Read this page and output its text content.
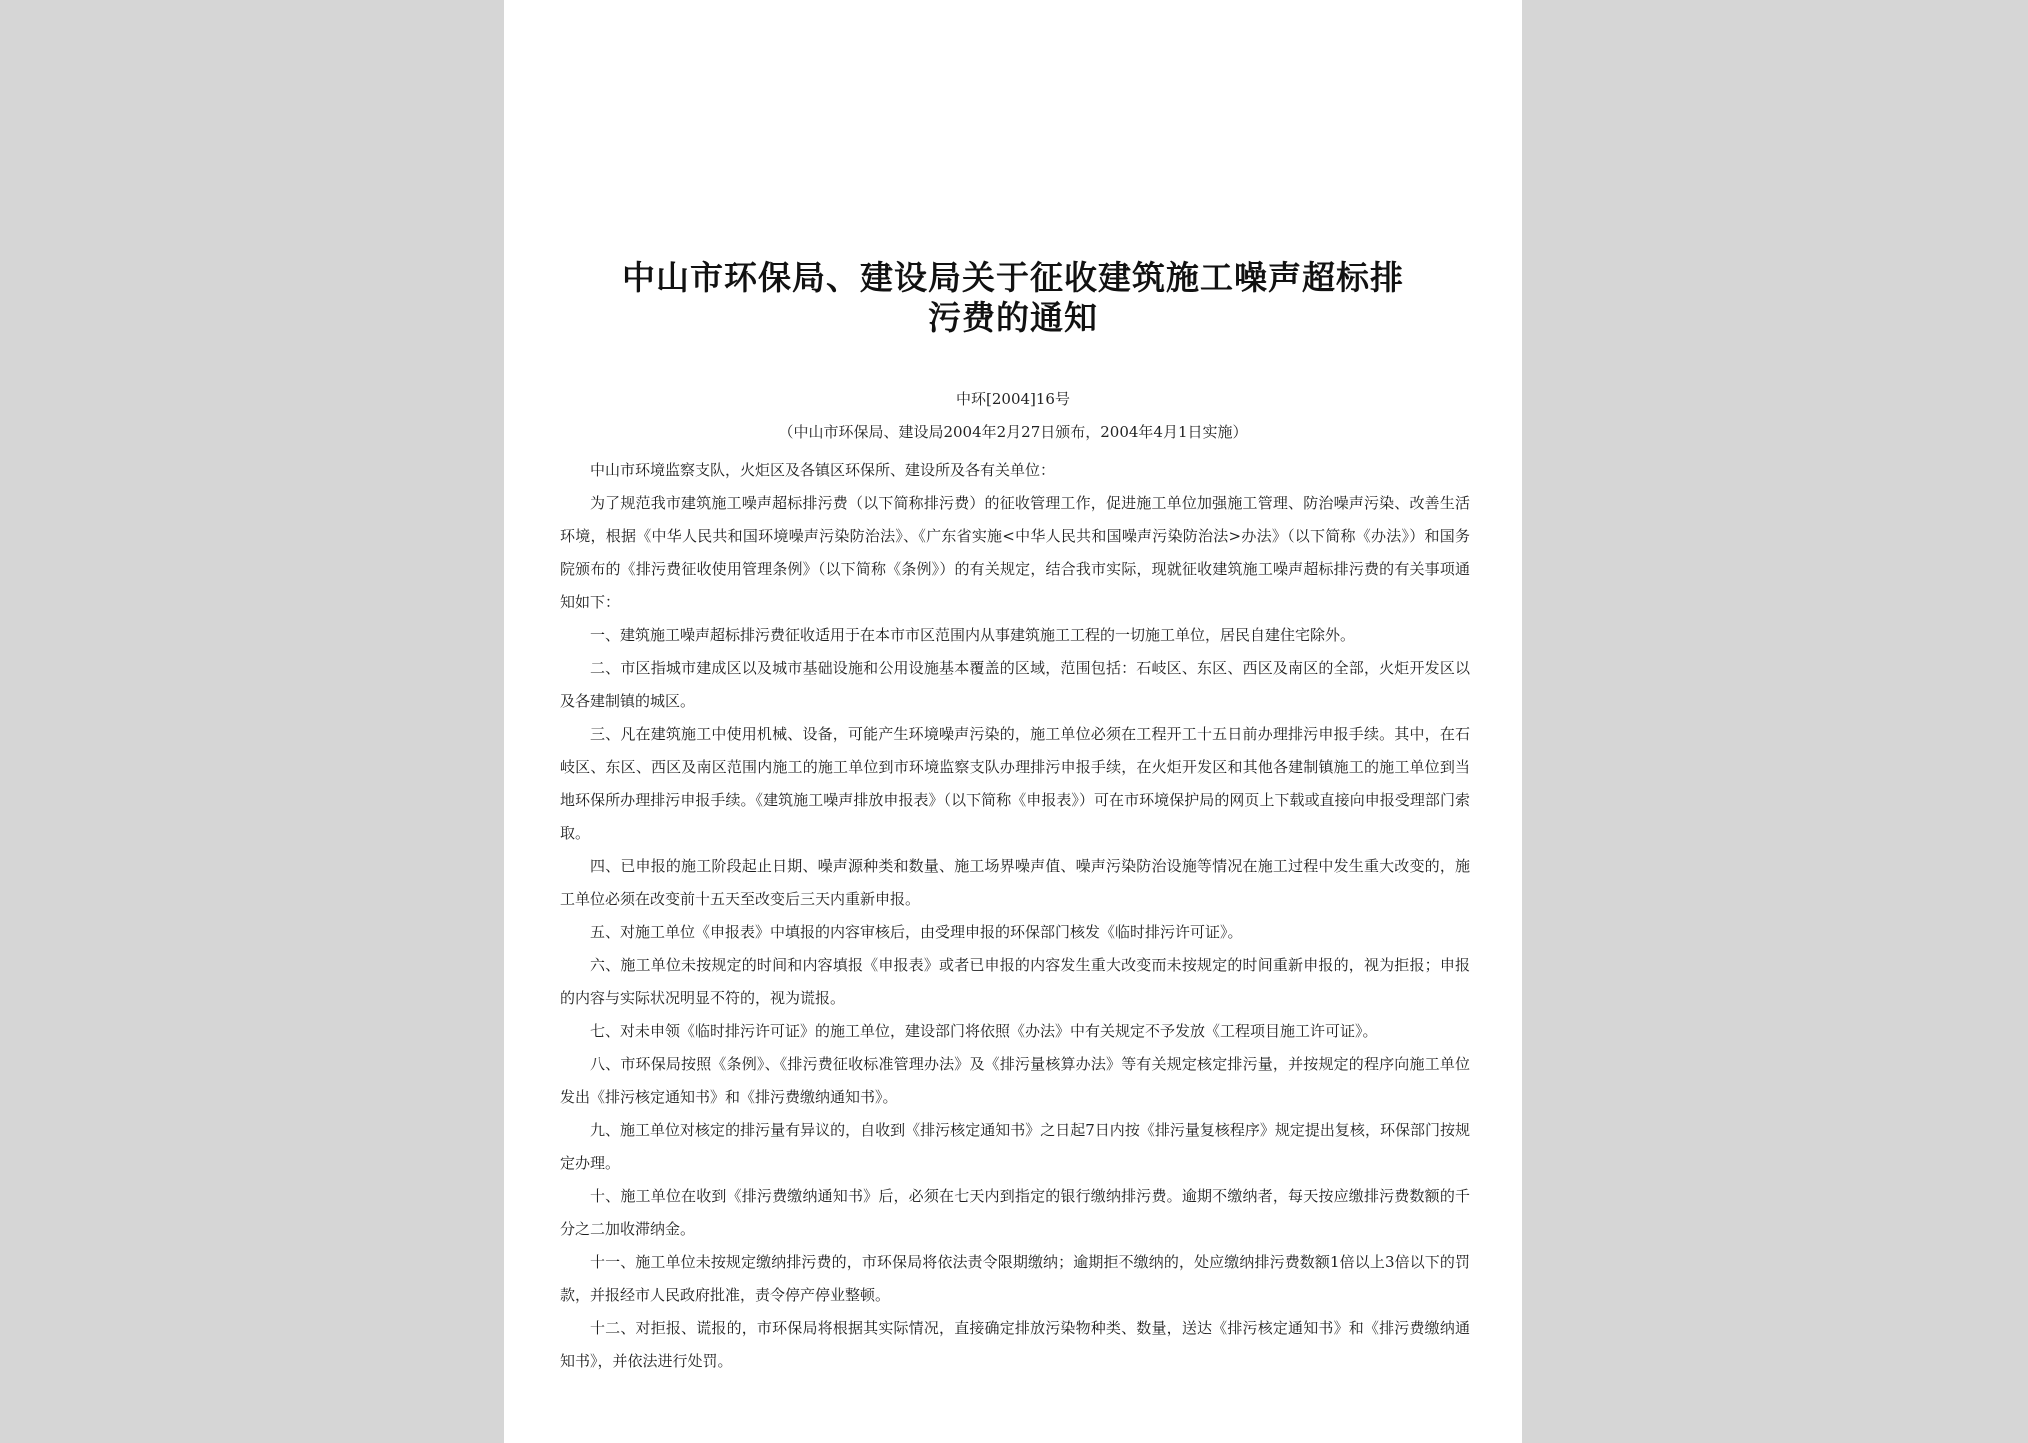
中山市环保局、建设局关于征收建筑施工噪声超标排
污费的通知
中环[2004]16号
（中山市环保局、建设局2004年2月27日颁布，2004年4月1日实施）

中山市环境监察支队，火炬区及各镇区环保所、建设所及各有关单位：

为了规范我市建筑施工噪声超标排污费（以下简称排污费）的征收管理工作，促进施工单位加强施工管理、防治噪声污染、改善生活环境，根据《中华人民共和国环境噪声污染防治法》、《广东省实施<中华人民共和国噪声污染防治法>办法》（以下简称《办法》）和国务院颁布的《排污费征收使用管理条例》（以下简称《条例》）的有关规定，结合我市实际，现就征收建筑施工噪声超标排污费的有关事项通知如下：

一、建筑施工噪声超标排污费征收适用于在本市市区范围内从事建筑施工工程的一切施工单位，居民自建住宅除外。

二、市区指城市建成区以及城市基础设施和公用设施基本覆盖的区域，范围包括：石岐区、东区、西区及南区的全部，火炬开发区以及各建制镇的城区。

三、凡在建筑施工中使用机械、设备，可能产生环境噪声污染的，施工单位必须在工程开工十五日前办理排污申报手续。其中，在石岐区、东区、西区及南区范围内施工的施工单位到市环境监察支队办理排污申报手续，在火炬开发区和其他各建制镇施工的施工单位到当地环保所办理排污申报手续。《建筑施工噪声排放申报表》（以下简称《申报表》）可在市环境保护局的网页上下载或直接向申报受理部门索取。

四、已申报的施工阶段起止日期、噪声源种类和数量、施工场界噪声值、噪声污染防治设施等情况在施工过程中发生重大改变的，施工单位必须在改变前十五天至改变后三天内重新申报。

五、对施工单位《申报表》中填报的内容审核后，由受理申报的环保部门核发《临时排污许可证》。

六、施工单位未按规定的时间和内容填报《申报表》或者已申报的内容发生重大改变而未按规定的时间重新申报的，视为拒报；申报的内容与实际状况明显不符的，视为谎报。

七、对未申领《临时排污许可证》的施工单位，建设部门将依照《办法》中有关规定不予发放《工程项目施工许可证》。

八、市环保局按照《条例》、《排污费征收标准管理办法》及《排污量核算办法》等有关规定核定排污量，并按规定的程序向施工单位发出《排污核定通知书》和《排污费缴纳通知书》。

九、施工单位对核定的排污量有异议的，自收到《排污核定通知书》之日起7日内按《排污量复核程序》规定提出复核，环保部门按规定办理。

十、施工单位在收到《排污费缴纳通知书》后，必须在七天内到指定的银行缴纳排污费。逾期不缴纳者，每天按应缴排污费数额的千分之二加收滞纳金。

十一、施工单位未按规定缴纳排污费的，市环保局将依法责令限期缴纳；逾期拒不缴纳的，处应缴纳排污费数额1倍以上3倍以下的罚款，并报经市人民政府批准，责令停产停业整顿。

十二、对拒报、谎报的，市环保局将根据其实际情况，直接确定排放污染物种类、数量，送达《排污核定通知书》和《排污费缴纳通知书》，并依法进行处罚。
